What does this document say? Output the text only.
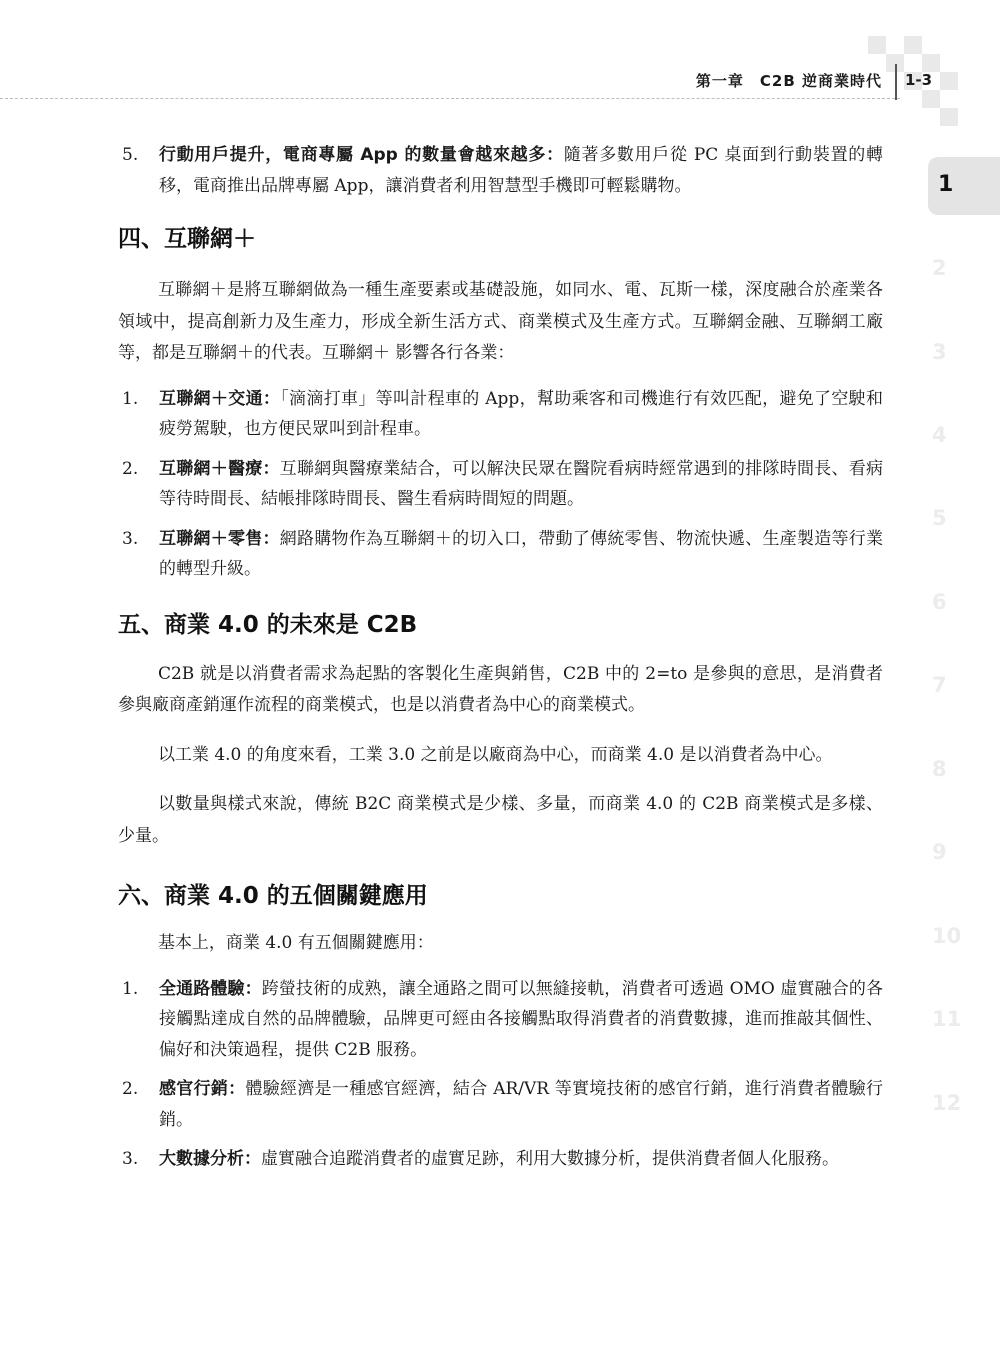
第一章　C2B 逆商業時代 1-3
1
2
3
4
5
6
7
8
9
10
11
12
5. 行動用戶提升，電商專屬 App 的數量會越來越多：隨著多數用戶從 PC 桌面到行動裝置的轉移，電商推出品牌專屬 App，讓消費者利用智慧型手機即可輕鬆購物。
四、互聯網＋

互聯網＋是將互聯網做為一種生產要素或基礎設施，如同水、電、瓦斯一樣，深度融合於產業各領域中，提高創新力及生產力，形成全新生活方式、商業模式及生產方式。互聯網金融、互聯網工廠等，都是互聯網＋的代表。互聯網＋ 影響各行各業：

1. 互聯網＋交通：「滴滴打車」等叫計程車的 App，幫助乘客和司機進行有效匹配，避免了空駛和疲勞駕駛，也方便民眾叫到計程車。
2. 互聯網＋醫療：互聯網與醫療業結合，可以解決民眾在醫院看病時經常遇到的排隊時間長、看病等待時間長、結帳排隊時間長、醫生看病時間短的問題。
3. 互聯網＋零售：網路購物作為互聯網＋的切入口，帶動了傳統零售、物流快遞、生產製造等行業的轉型升級。
五、商業 4.0 的未來是 C2B

C2B 就是以消費者需求為起點的客製化生產與銷售，C2B 中的 2=to 是參與的意思，是消費者參與廠商產銷運作流程的商業模式，也是以消費者為中心的商業模式。

以工業 4.0 的角度來看，工業 3.0 之前是以廠商為中心，而商業 4.0 是以消費者為中心。

以數量與樣式來說，傳統 B2C 商業模式是少樣、多量，而商業 4.0 的 C2B 商業模式是多樣、少量。

六、商業 4.0 的五個關鍵應用

基本上，商業 4.0 有五個關鍵應用：

1. 全通路體驗：跨螢技術的成熟，讓全通路之間可以無縫接軌，消費者可透過 OMO 虛實融合的各接觸點達成自然的品牌體驗，品牌更可經由各接觸點取得消費者的消費數據，進而推敲其個性、偏好和決策過程，提供 C2B 服務。
2. 感官行銷：體驗經濟是一種感官經濟，結合 AR/VR 等實境技術的感官行銷，進行消費者體驗行銷。
3. 大數據分析：虛實融合追蹤消費者的虛實足跡，利用大數據分析，提供消費者個人化服務。
